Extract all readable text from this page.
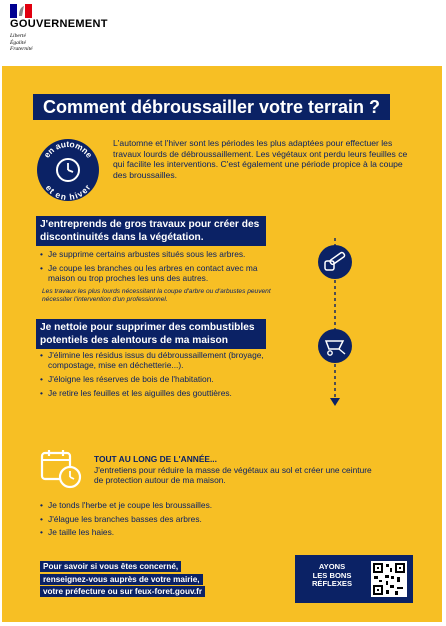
GOUVERNEMENT
Liberté
Égalité
Fraternité
Comment débroussailler votre terrain ?
en automne
et en hiver
L'automne et l'hiver sont les périodes les plus adaptées pour effectuer les travaux lourds de débroussaillement. Les végétaux ont perdu leurs feuilles ce qui facilite les interventions. C'est également une période propice à la coupe des broussailles.
J'entreprends de gros travaux pour créer des discontinuités dans la végétation.
• Je supprime certains arbustes situés sous les arbres.
• Je coupe les branches ou les arbres en contact avec ma maison ou trop proches les uns des autres.
Les travaux les plus lourds nécessitant la coupe d'arbre ou d'arbustes peuvent nécessiter l'intervention d'un professionnel.
Je nettoie pour supprimer des combustibles potentiels des alentours de ma maison
• J'élimine les résidus issus du débroussaillement (broyage, compostage, mise en déchetterie...).
• J'éloigne les réserves de bois de l'habitation.
• Je retire les feuilles et les aiguilles des gouttières.
TOUT AU LONG DE L'ANNÉE...
J'entretiens pour réduire la masse de végétaux au sol et créer une ceinture de protection autour de ma maison.
• Je tonds l'herbe et je coupe les broussailles.
• J'élague les branches basses des arbres.
• Je taille les haies.
Pour savoir si vous êtes concerné,
renseignez-vous auprès de votre mairie,
votre préfecture ou sur feux-foret.gouv.fr
AYONS
LES BONS
RÉFLEXES
